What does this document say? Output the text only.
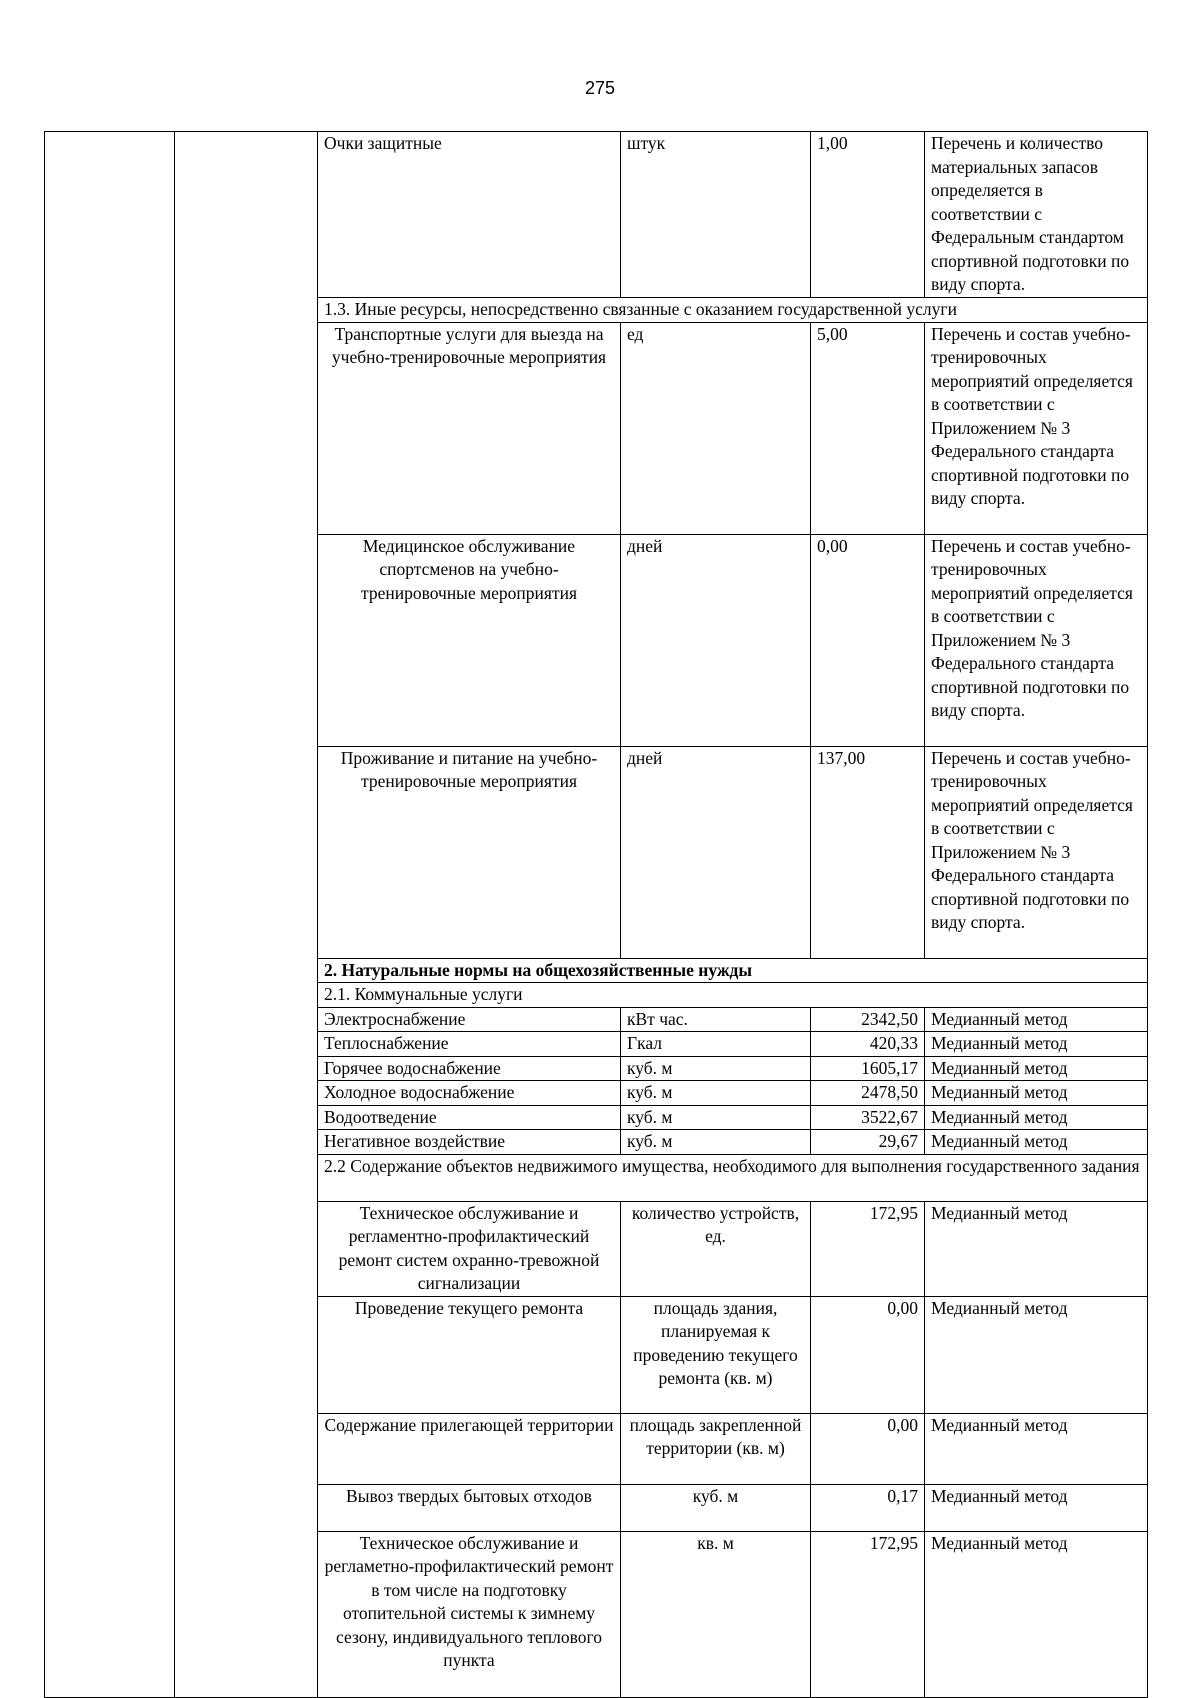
275
		Очки защитные	штук	1,00	Перечень и количество материальных запасов определяется в соответствии с Федеральным стандартом спортивной подготовки по виду спорта.
		1.3. Иные ресурсы, непосредственно связанные с оказанием государственной услуги			
		Транспортные услуги для выезда на учебно-тренировочные мероприятия	ед	5,00	Перечень и состав учебно-тренировочных мероприятий определяется в соответствии с Приложением № 3 Федерального стандарта спортивной подготовки по виду спорта.
		Медицинское обслуживание спортсменов на учебно-тренировочные мероприятия	дней	0,00	Перечень и состав учебно-тренировочных мероприятий определяется в соответствии с Приложением № 3 Федерального стандарта спортивной подготовки по виду спорта.
		Проживание и питание на учебно-тренировочные мероприятия	дней	137,00	Перечень и состав учебно-тренировочных мероприятий определяется в соответствии с Приложением № 3 Федерального стандарта спортивной подготовки по виду спорта.
		2. Натуральные нормы на общехозяйственные нужды			
		2.1. Коммунальные услуги			
		Электроснабжение	кВт час.	2342,50	Медианный метод
		Теплоснабжение	Гкал	420,33	Медианный метод
		Горячее водоснабжение	куб. м	1605,17	Медианный метод
		Холодное водоснабжение	куб. м	2478,50	Медианный метод
		Водоотведение	куб. м	3522,67	Медианный метод
		Негативное воздействие	куб. м	29,67	Медианный метод
		2.2 Содержание объектов недвижимого имущества, необходимого для выполнения государственного задания			
		Техническое обслуживание и регламентно-профилактический ремонт систем охранно-тревожной сигнализации	количество устройств, ед.	172,95	Медианный метод
		Проведение текущего ремонта	площадь здания, планируемая к проведению текущего ремонта (кв. м)	0,00	Медианный метод
		Содержание прилегающей территории	площадь закрепленной территории (кв. м)	0,00	Медианный метод
		Вывоз твердых бытовых отходов	куб. м	0,17	Медианный метод
		Техническое обслуживание и регламетно-профилактический ремонт в том числе на подготовку отопительной системы к зимнему сезону, индивидуального теплового пункта	кв. м	172,95	Медианный метод
